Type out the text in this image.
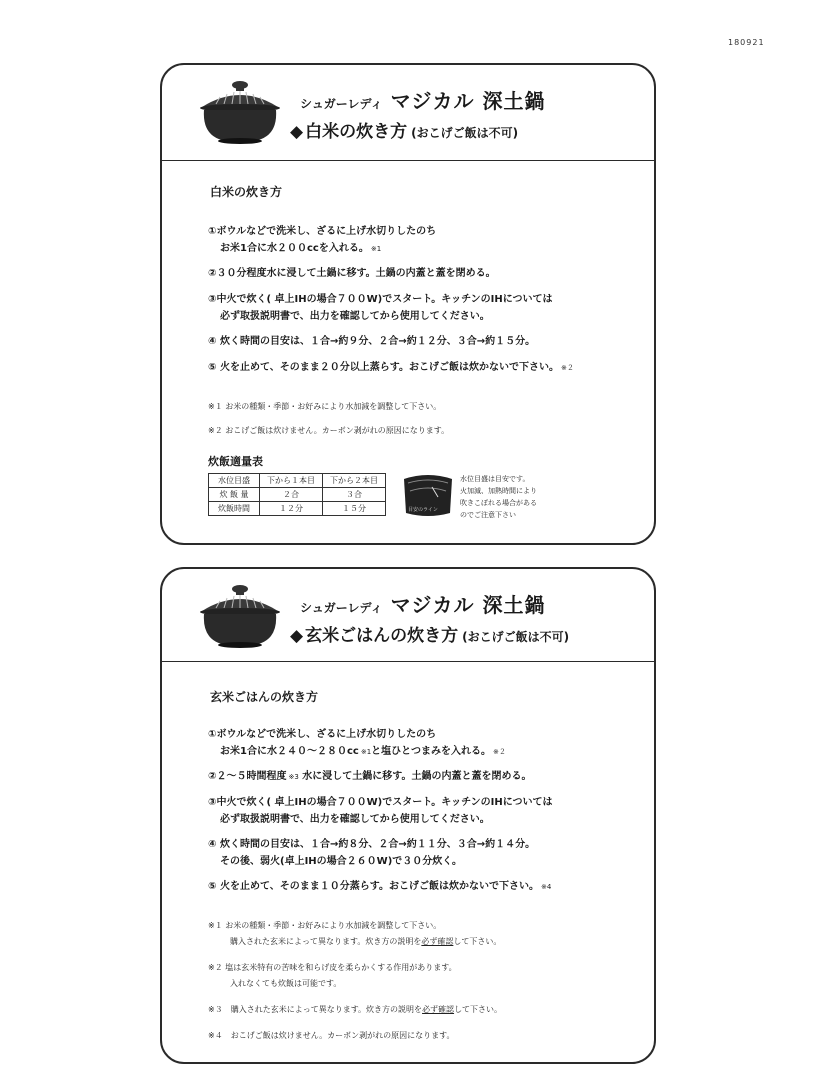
180921
シュガーレディ マジカル 深土鍋
◆ 白米の炊き方 (おこげご飯は不可)
白米の炊き方
①ボウルなどで洗米し、ざるに上げ水切りしたのち
お米1合に水２００ccを入れる。 ※1
②３０分程度水に浸して土鍋に移す。土鍋の内蓋と蓋を閉める。
③中火で炊く( 卓上IHの場合７００W)でスタート。キッチンのIHについては
必ず取扱説明書で、出力を確認してから使用してください。
④ 炊く時間の目安は、１合→約９分、２合→約１２分、３合→約１５分。
⑤ 火を止めて、そのまま２０分以上蒸らす。おこげご飯は炊かないで下さい。 ※２
※１ お米の種類・季節・お好みにより水加減を調整して下さい。
※２ おこげご飯は炊けません。カーボン剥がれの原因になります。
炊飯適量表
水位目盛	下から１本目	下から２本目
炊 飯 量	２合	３合
炊飯時間	１２分	１５分	目安のライン
水位目盛は目安です。
火加減、加熱時間により
吹きこぼれる場合がある
のでご注意下さい
シュガーレディ マジカル 深土鍋
◆ 玄米ごはんの炊き方 (おこげご飯は不可)
玄米ごはんの炊き方
①ボウルなどで洗米し、ざるに上げ水切りしたのち
お米1合に水２４０～２８０cc ※1と塩ひとつまみを入れる。 ※２
②２～５時間程度 ※3 水に浸して土鍋に移す。土鍋の内蓋と蓋を閉める。
③中火で炊く( 卓上IHの場合７００W)でスタート。キッチンのIHについては
必ず取扱説明書で、出力を確認してから使用してください。
④ 炊く時間の目安は、１合→約８分、２合→約１１分、３合→約１４分。
その後、弱火(卓上IHの場合２６０W)で３０分炊く。
⑤ 火を止めて、そのまま１０分蒸らす。おこげご飯は炊かないで下さい。 ※4
※１ お米の種類・季節・お好みにより水加減を調整して下さい。
購入された玄米によって異なります。炊き方の説明を必ず確認して下さい。
※２ 塩は玄米特有の苦味を和らげ皮を柔らかくする作用があります。
入れなくても炊飯は可能です。
※３　購入された玄米によって異なります。炊き方の説明を必ず確認して下さい。
※４　おこげご飯は炊けません。カーボン剥がれの原因になります。
